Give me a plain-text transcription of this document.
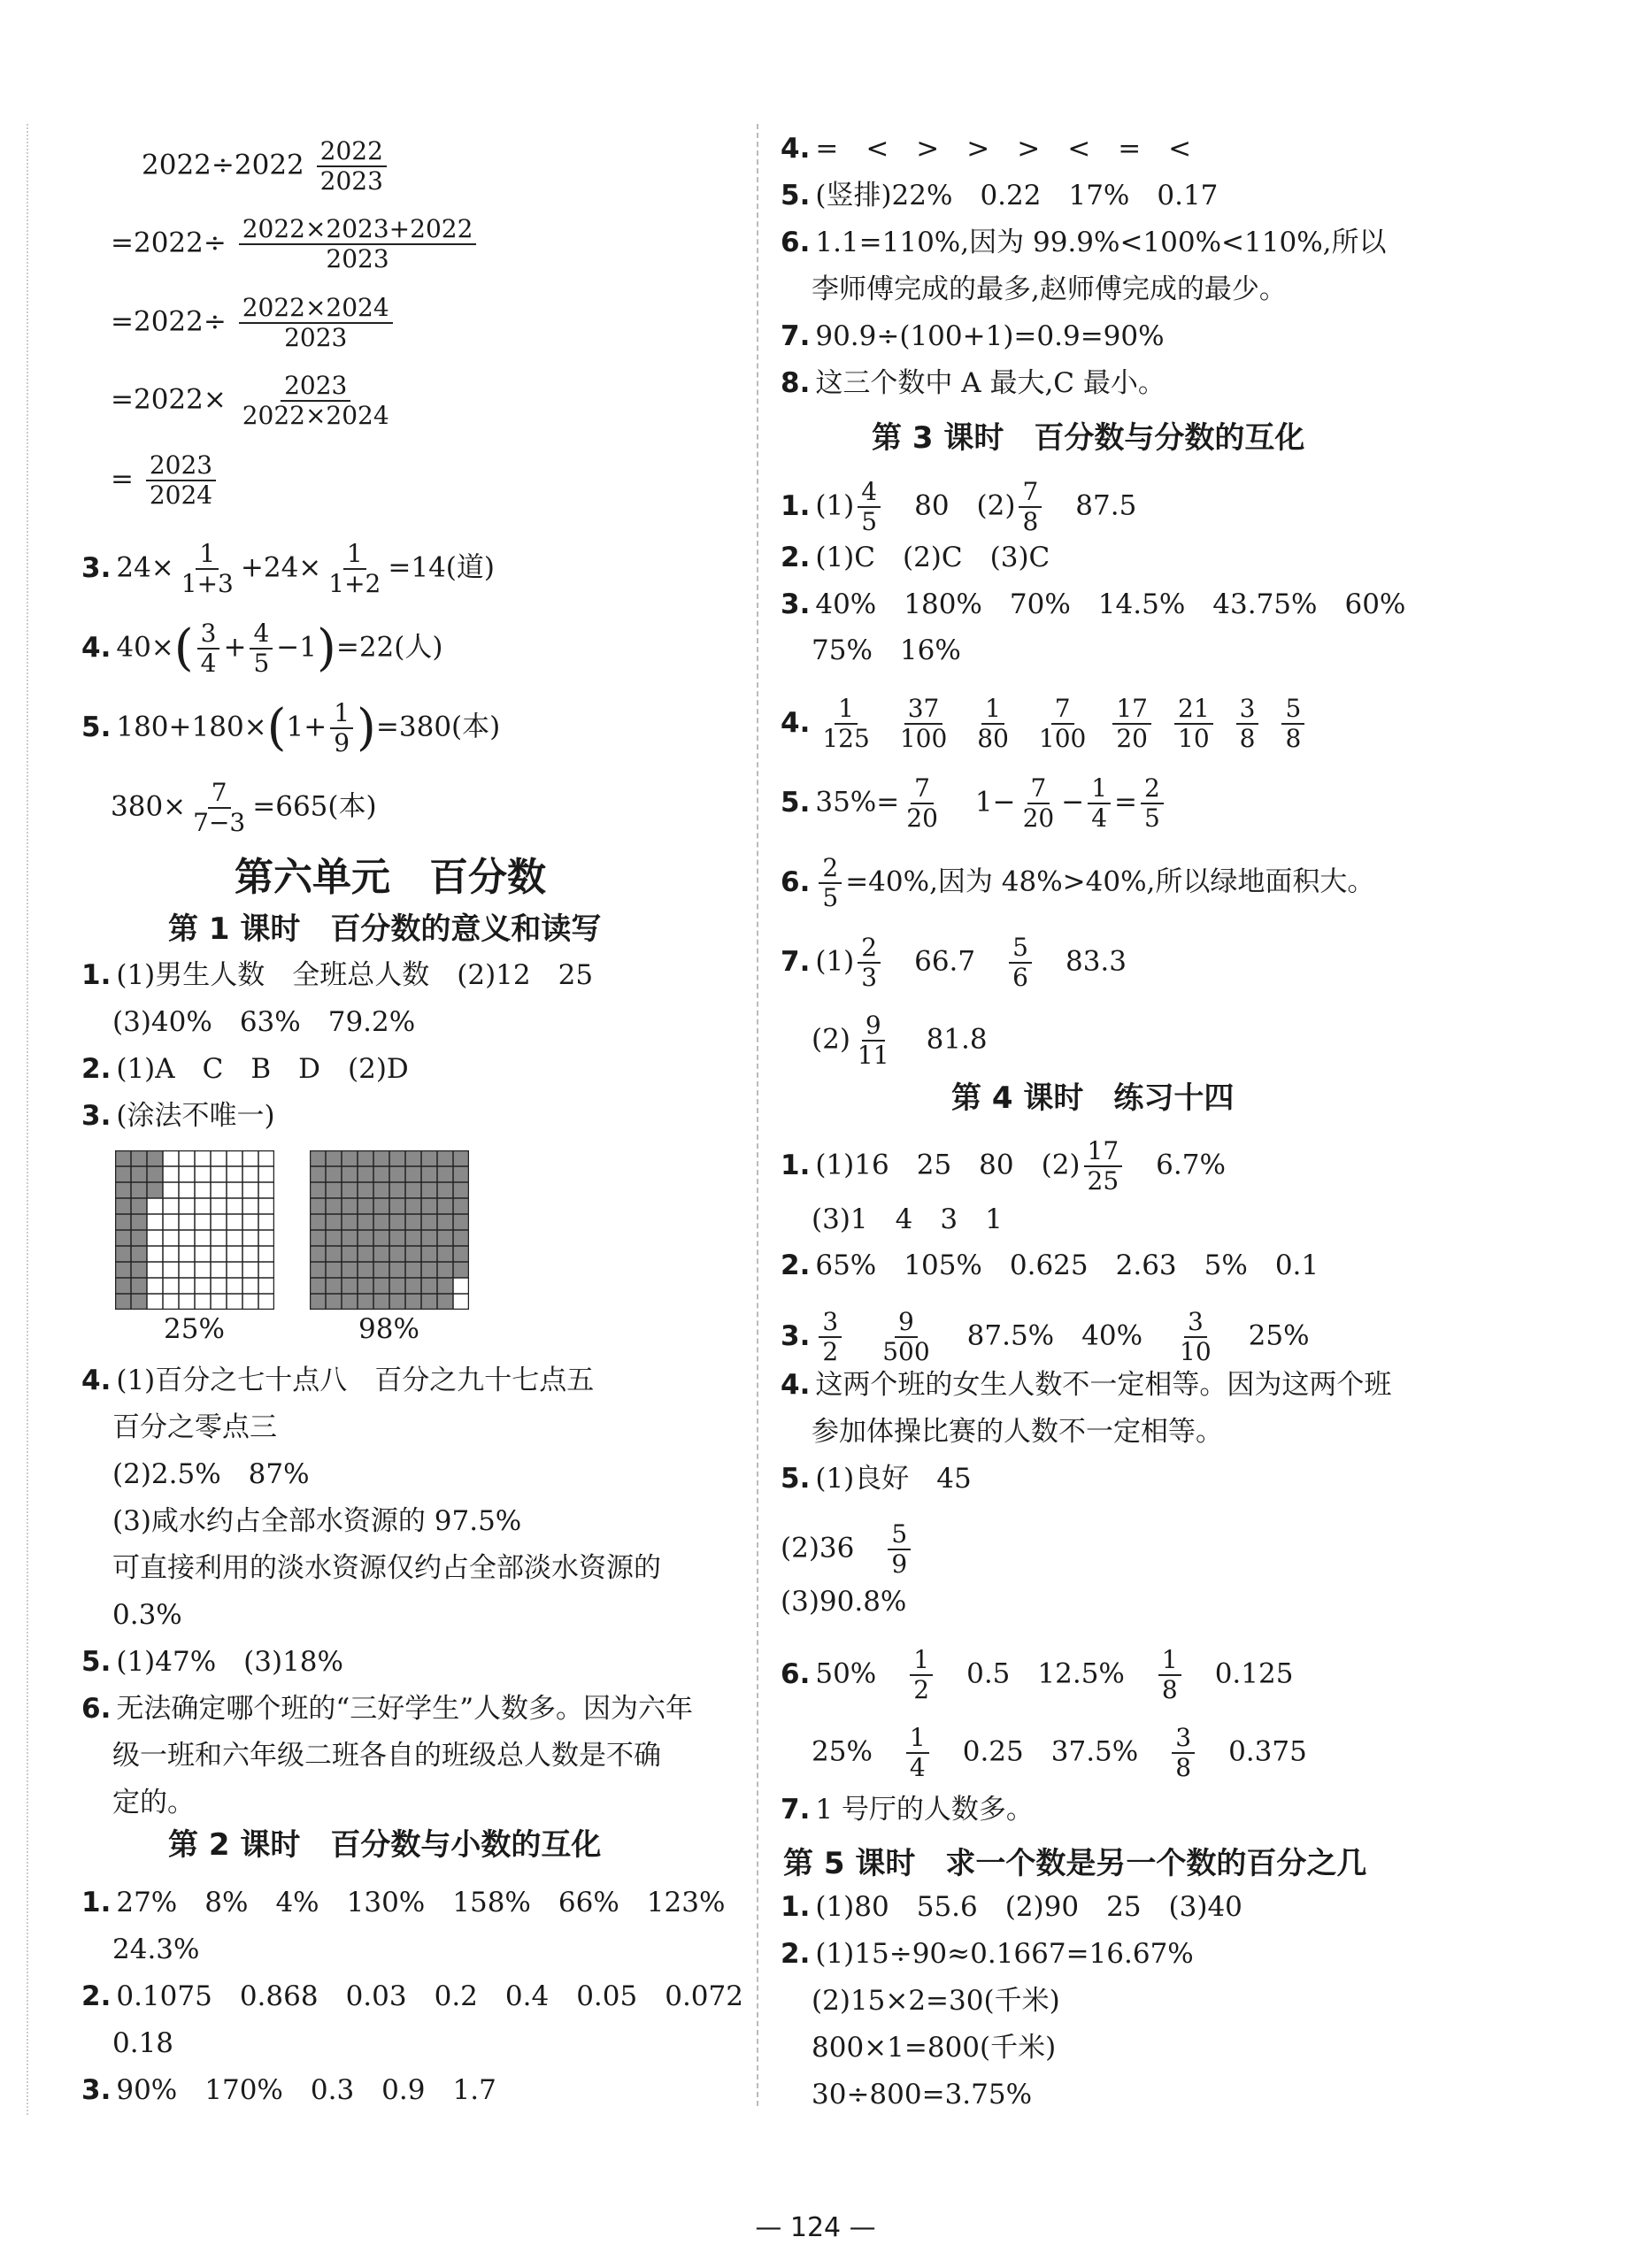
$2022\div 2022 \frac{2022}{2023}$
$=2022\div \frac{2022\times 2023+2022}{2023}$
$=2022\div \frac{2022\times 2024}{2023}$
$=2022\times \frac{2023}{2022\times 2024}$
= $\frac{2023}{2024}$
3. $24\times \frac{1}{1+3} +24\times \frac{1}{1+2} =14$(道)
4. $40\times( \frac{3}{4} + \frac{4}{5} -1)=22$(人)
5. $180+180\times(1+ \frac{1}{9} )=380$(本)
$380\times \frac{7}{7-3} =665$(本)
第六单元　百分数
第 1 课时　百分数的意义和读写
1. (1)男生人数　全班总人数　(2)12　25
(3)40%　63%　79.2%
2. (1)A　C　B　D　(2)D
3. (涂法不唯一)
25%	98%
4. (1)百分之七十点八　百分之九十七点五
百分之零点三
(2)2.5%　87%
(3)咸水约占全部水资源的 97.5%
可直接利用的淡水资源仅约占全部淡水资源的
0.3%
5. (1)47%　(3)18%
6. 无法确定哪个班的“三好学生”人数多。因为六年
级一班和六年级二班各自的班级总人数是不确
定的。
第 2 课时　百分数与小数的互化
1. 27%　8%　4%　130%　158%　66%　123%
24.3%
2. 0.1075　0.868　0.03　0.2　0.4　0.05　0.072
0.18
3. 90%　170%　0.3　0.9　1.7
4. =　<　>　>　>　<　=　<
5. (竖排)22%　0.22　17%　0.17
6. 1.1=110%,因为 99.9%<100%<110%,所以
李师傅完成的最多,赵师傅完成的最少。
7. 90.9÷(100+1)=0.9=90%
8. 这三个数中 A 最大,C 最小。
第 3 课时　百分数与分数的互化
1. $(1) \frac{4}{5} 80$　$(2) \frac{7}{8} 87.5$
2. (1)C　(2)C　(3)C
3. 40%　180%　70%　14.5%　43.75%　60%
75%　16%
4. $\frac{1}{125} \frac{37}{100} \frac{1}{80} \frac{7}{100} \frac{17}{20} \frac{21}{10} \frac{3}{8} \frac{5}{8}$
5. $35\%= \frac{7}{20} 1- \frac{7}{20} - \frac{1}{4} = \frac{2}{5}$
6. $\frac{2}{5} =40\%$,因为 48%>40%,所以绿地面积大。
7. $(1) \frac{2}{3} 66.7 \frac{5}{6} 83.3$
$(2) \frac{9}{11} 81.8$
第 4 课时　练习十四
1. (1)16　25　80　$(2) \frac{17}{25} 6.7\%$
(3)1　4　3　1
2. 65%　105%　0.625　2.63　5%　0.1
3. $\frac{3}{2} \frac{9}{500} 87.5\%$　$40\% \frac{3}{10} 25\%$
4. 这两个班的女生人数不一定相等。因为这两个班
参加体操比赛的人数不一定相等。
5. (1)良好　45
$(2)36 \frac{5}{9}$
(3)90.8%
6. $50\% \frac{1}{2} 0.5$　$12.5\% \frac{1}{8} 0.125$
$25\% \frac{1}{4} 0.25$　$37.5\% \frac{3}{8} 0.375$
7. 1 号厅的人数多。
第 5 课时　求一个数是另一个数的百分之几
1. (1)80　55.6　(2)90　25　(3)40
2. (1)15÷90≈0.1667=16.67%
(2)15×2=30(千米)
800×1=800(千米)
30÷800=3.75%
— 124 —
